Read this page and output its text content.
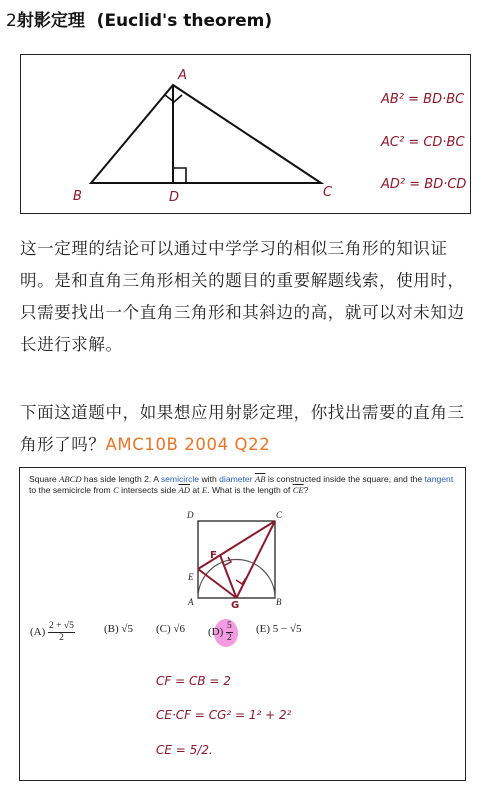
2射影定理 (Euclid's theorem)
A
B	D	C
AB² = BD·BC
AC² = CD·BC
AD² = BD·CD
这一定理的结论可以通过中学学习的相似三角形的知识证明。是和直角三角形相关的题目的重要解题线索，使用时，只需要找出一个直角三角形和其斜边的高，就可以对未知边长进行求解。
下面这道题中，如果想应用射影定理，你找出需要的直角三角形了吗？AMC10B 2004 Q22
Square ABCD has side length 2. A semicircle with diameter $\overline{AB}$ is constructed inside the square, and the tangent to the semicircle from C intersects side $\overline{AD}$ at E. What is the length of $\overline{CE}$?
D	C
E
A	B
F
G
$(A) \frac{2 + √5}{2}$	(B) √5 (C) √6 $(D) \frac{5}{2} (E) 5 - √5$
CF = CB = 2
CE·CF = CG² = 1² + 2²
CE = 5/2.
